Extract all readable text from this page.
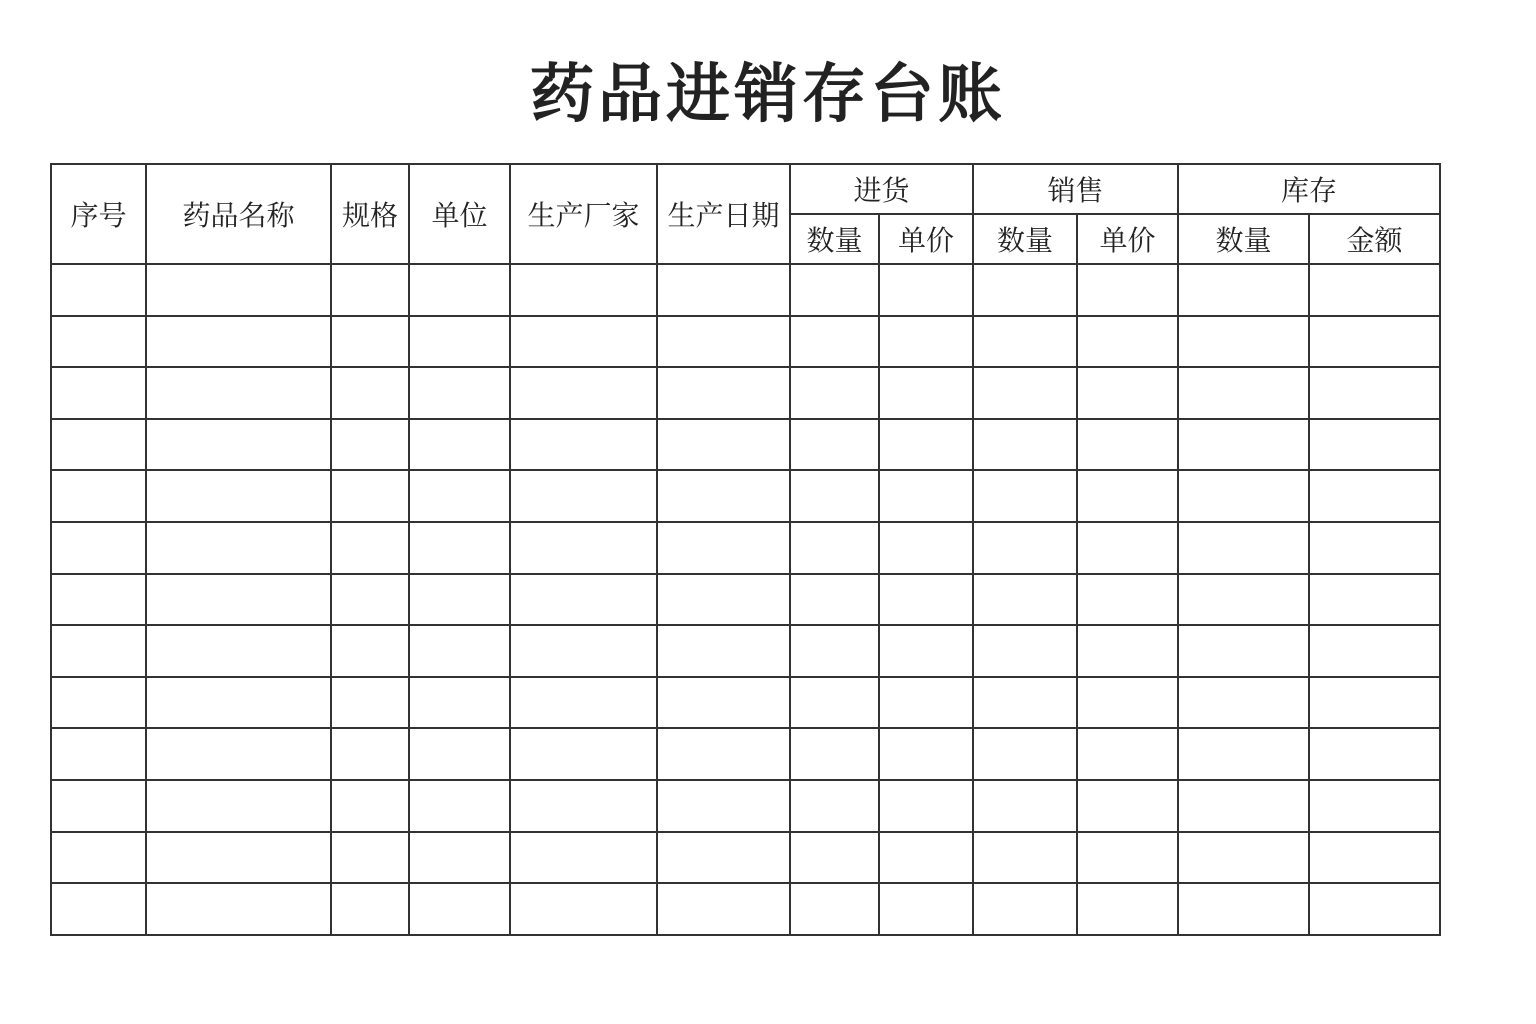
药品进销存台账
序号	药品名称	规格	单位	生产厂家	生产日期	进货		销售		库存	
						数量	单价	数量	单价	数量	金额
